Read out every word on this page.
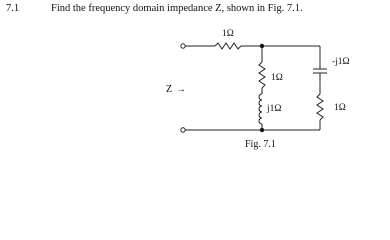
7.1	Find the frequency domain impedance Z, shown in Fig. 7.1.
1Ω
1Ω
j1Ω
-j1Ω
1Ω
Z →
Fig. 7.1
